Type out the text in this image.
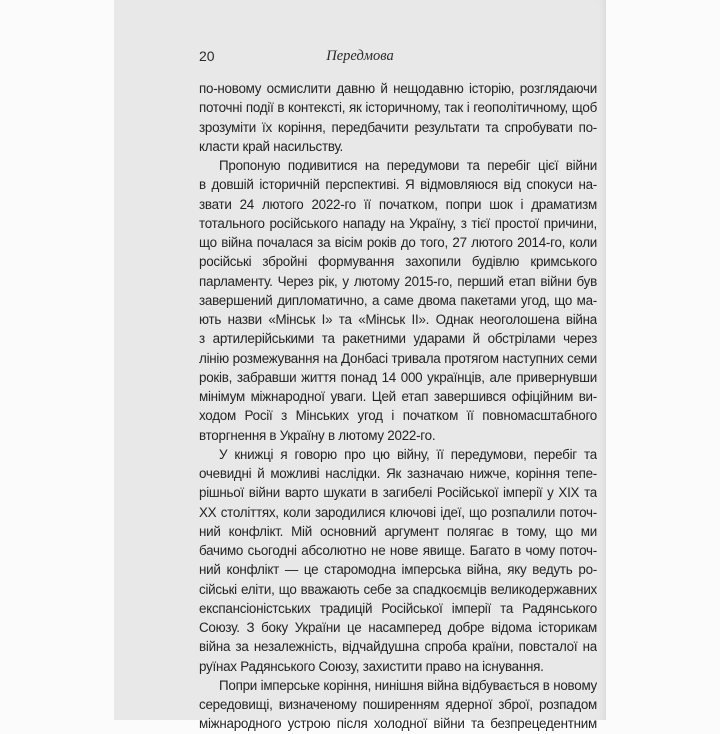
20	Передмова
по-новому осмислити давню й нещодавню історію, розглядаючи
поточні події в контексті, як історичному, так і геополітичному, щоб
зрозуміти їх коріння, передбачити результати та спробувати по-
класти край насильству.
Пропоную подивитися на передумови та перебіг цієї війни
в довшій історичній перспективі. Я відмовляюся від спокуси на-
звати 24 лютого 2022-го її початком, попри шок і драматизм
тотального російського нападу на Україну, з тієї простої причини,
що війна почалася за вісім років до того, 27 лютого 2014-го, коли
російські збройні формування захопили будівлю кримського
парламенту. Через рік, у лютому 2015-го, перший етап війни був
завершений дипломатично, а саме двома пакетами угод, що ма-
ють назви «Мінськ I» та «Мінськ II». Однак неоголошена війна
з артилерійськими та ракетними ударами й обстрілами через
лінію розмежування на Донбасі тривала протягом наступних семи
років, забравши життя понад 14 000 українців, але привернувши
мінімум міжнародної уваги. Цей етап завершився офіційним ви-
ходом Росії з Мінських угод і початком її повномасштабного
вторгнення в Україну в лютому 2022-го.
У книжці я говорю про цю війну, її передумови, перебіг та
очевидні й можливі наслідки. Як зазначаю нижче, коріння тепе-
рішньої війни варто шукати в загибелі Російської імперії у XIX та
XX століттях, коли зародилися ключові ідеї, що розпалили поточ-
ний конфлікт. Мій основний аргумент полягає в тому, що ми
бачимо сьогодні абсолютно не нове явище. Багато в чому поточ-
ний конфлікт — це старомодна імперська війна, яку ведуть ро-
сійські еліти, що вважають себе за спадкоємців великодержавних
експансіоністських традицій Російської імперії та Радянського
Союзу. З боку України це насамперед добре відома історикам
війна за незалежність, відчайдушна спроба країни, повсталої на
руїнах Радянського Союзу, захистити право на існування.
Попри імперське коріння, нинішня війна відбувається в новому
середовищі, визначеному поширенням ядерної зброї, розпадом
міжнародного устрою після холодної війни та безпрецедентним
